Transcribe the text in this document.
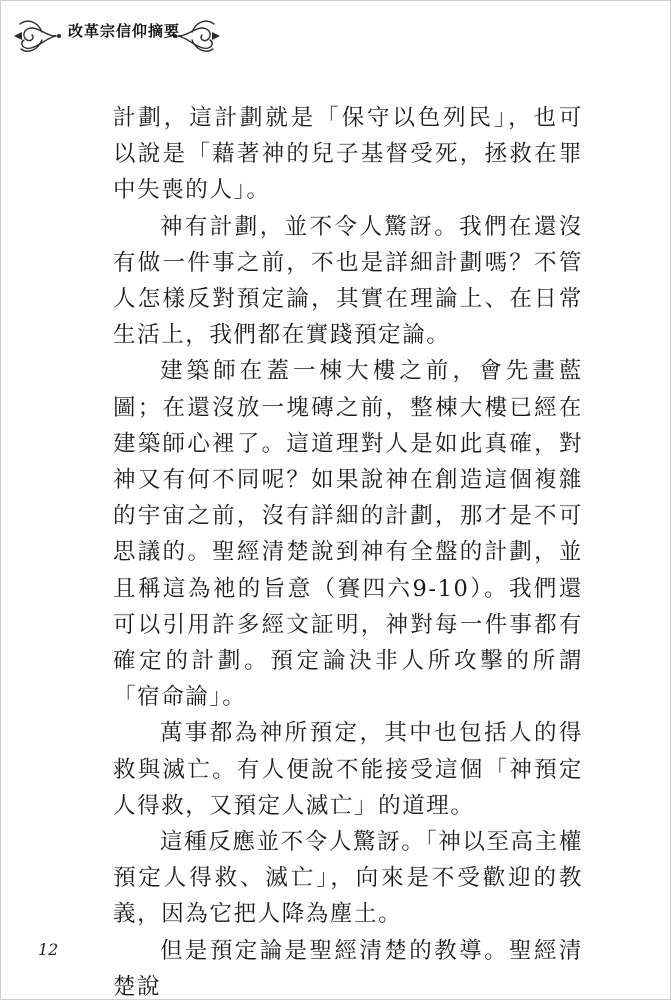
改革宗信仰摘要

計劃，這計劃就是「保守以色列民」，也可以說是「藉著神的兒子基督受死，拯救在罪中失喪的人」。

神有計劃，並不令人驚訝。我們在還沒有做一件事之前，不也是詳細計劃嗎？不管人怎樣反對預定論，其實在理論上、在日常生活上，我們都在實踐預定論。

建築師在蓋一棟大樓之前，會先畫藍圖；在還沒放一塊磚之前，整棟大樓已經在建築師心裡了。這道理對人是如此真確，對神又有何不同呢？如果說神在創造這個複雜的宇宙之前，沒有詳細的計劃，那才是不可思議的。聖經清楚說到神有全盤的計劃，並且稱這為祂的旨意（賽四六9-10）。我們還可以引用許多經文証明，神對每一件事都有確定的計劃。預定論決非人所攻擊的所謂「宿命論」。

萬事都為神所預定，其中也包括人的得救與滅亡。有人便說不能接受這個「神預定人得救，又預定人滅亡」的道理。

這種反應並不令人驚訝。「神以至高主權預定人得救、滅亡」，向來是不受歡迎的教義，因為它把人降為塵土。

但是預定論是聖經清楚的教導。聖經清楚說

12
